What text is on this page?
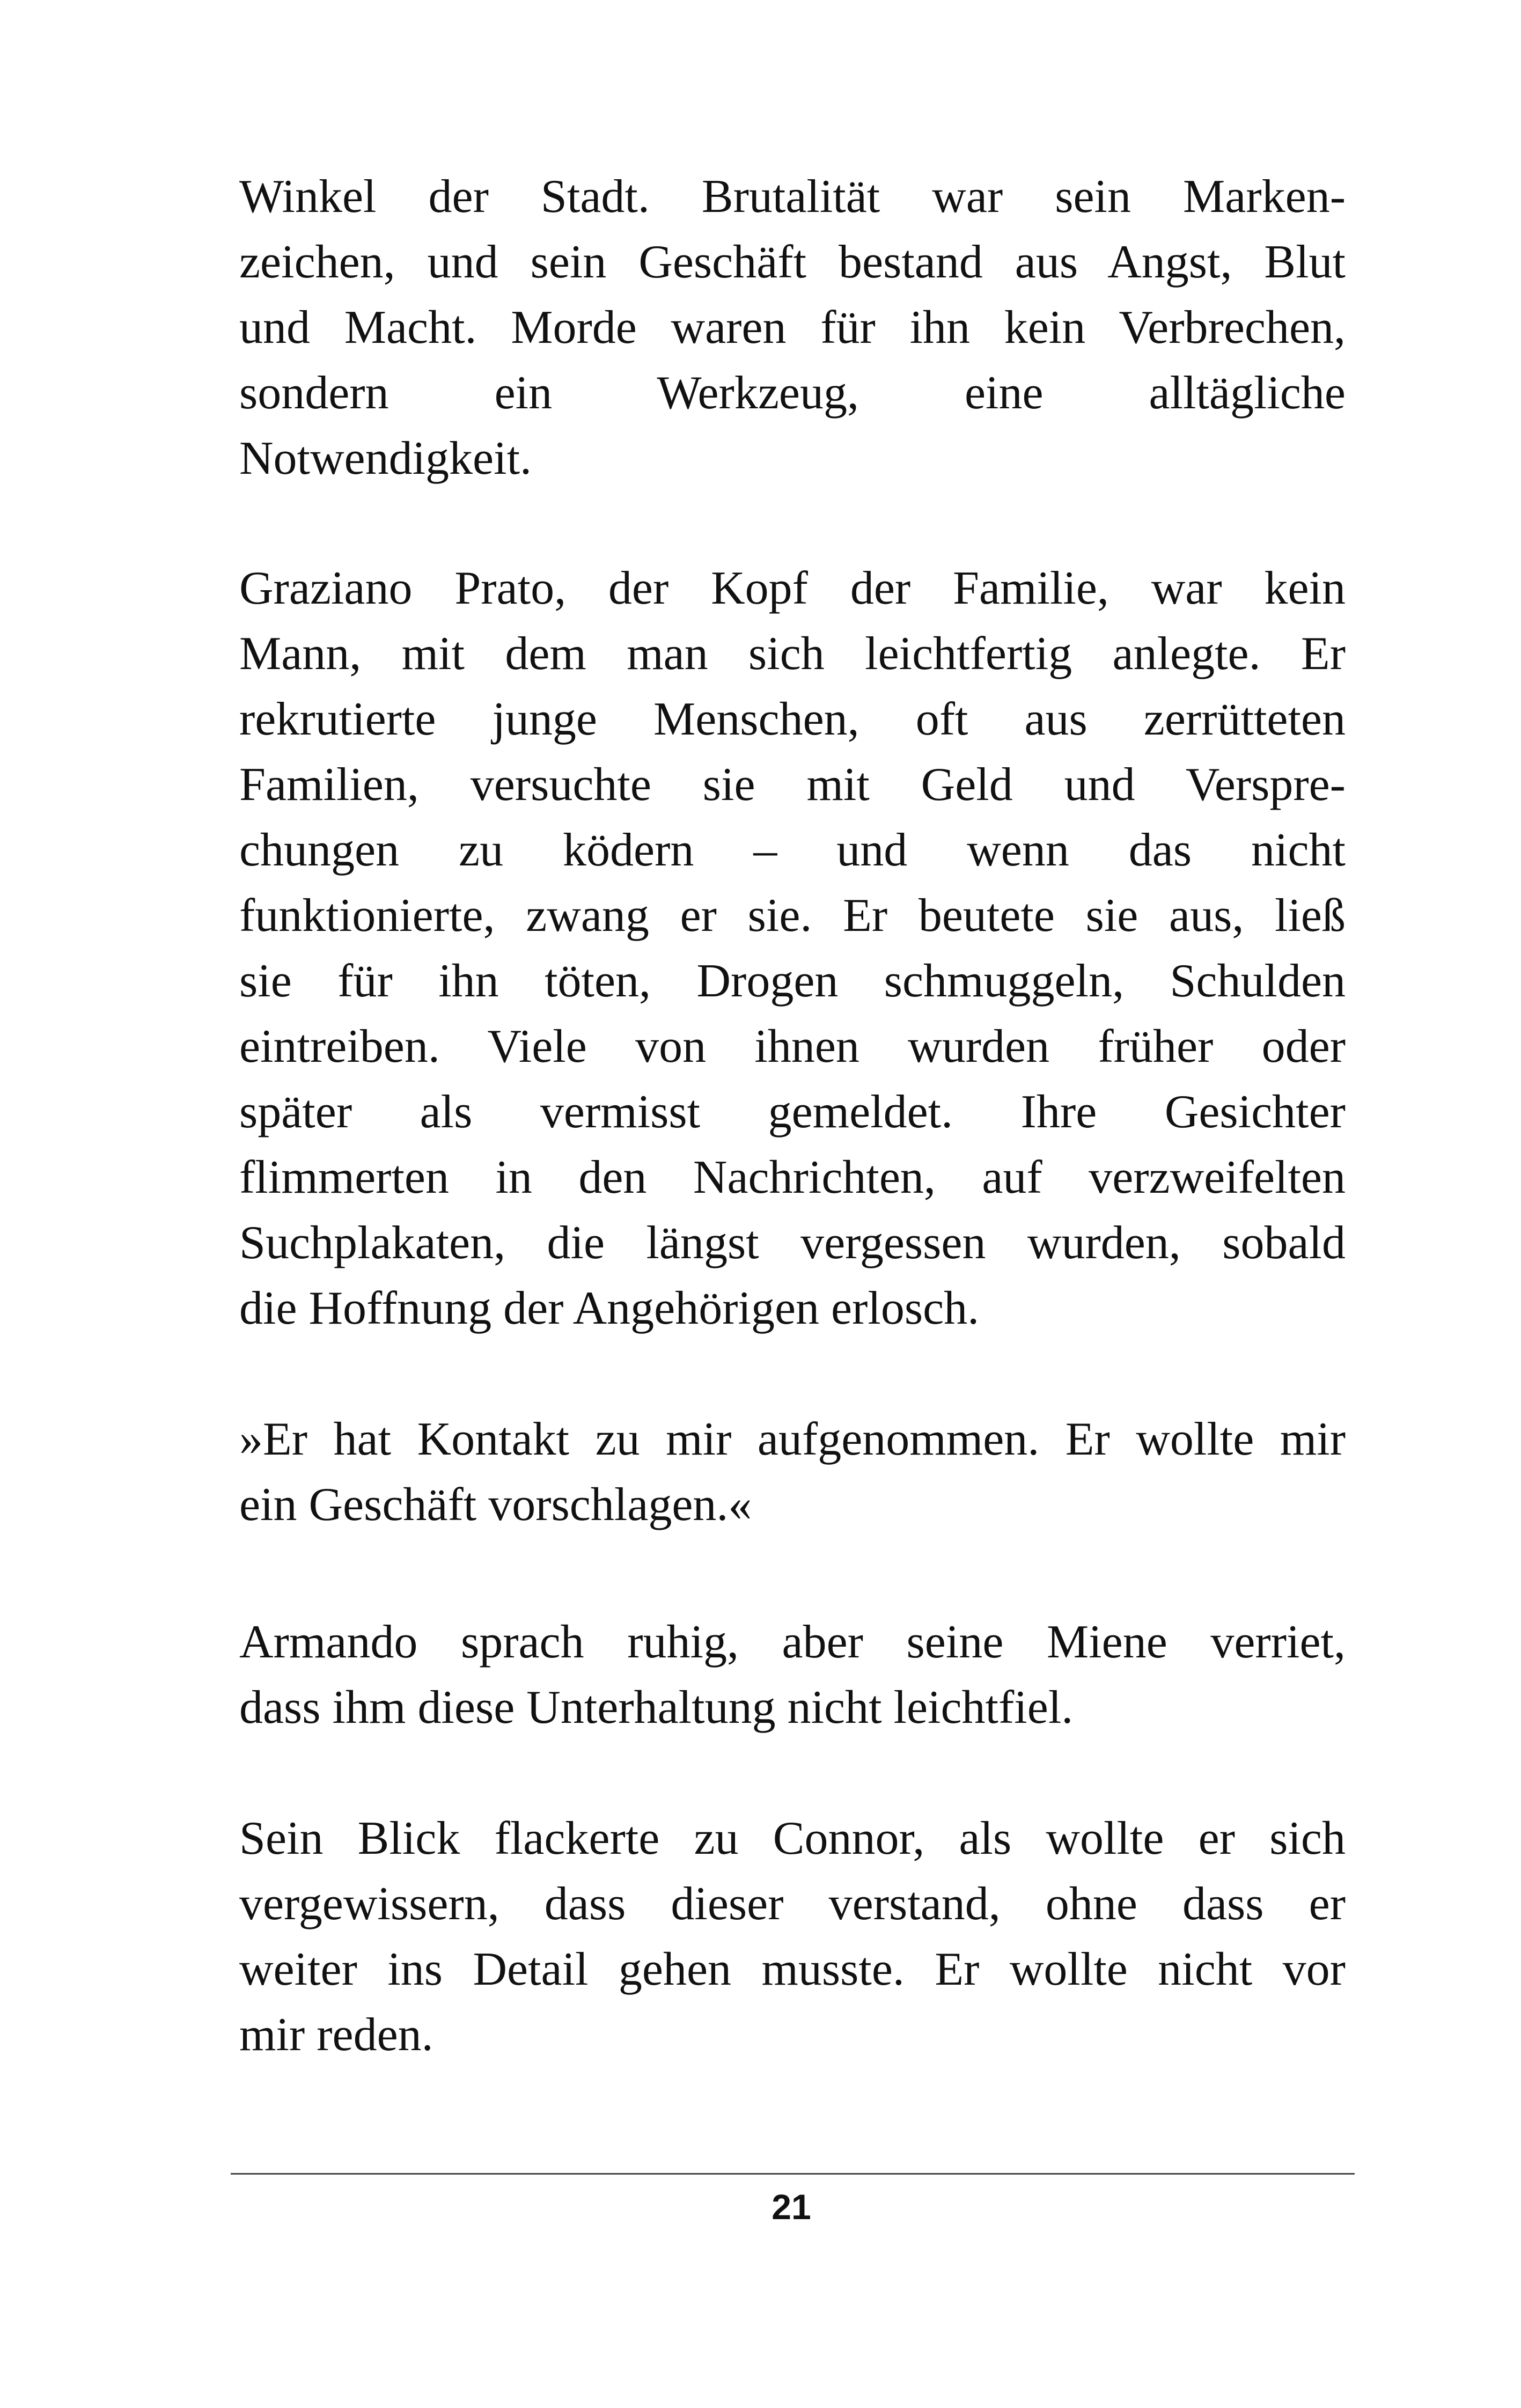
Winkel der Stadt. Brutalität war sein Marken-
zeichen, und sein Geschäft bestand aus Angst, Blut
und Macht. Morde waren für ihn kein Verbrechen,
sondern ein Werkzeug, eine alltägliche
Notwendigkeit.
Graziano Prato, der Kopf der Familie, war kein
Mann, mit dem man sich leichtfertig anlegte. Er
rekrutierte junge Menschen, oft aus zerrütteten
Familien, versuchte sie mit Geld und Verspre-
chungen zu ködern – und wenn das nicht
funktionierte, zwang er sie. Er beutete sie aus, ließ
sie für ihn töten, Drogen schmuggeln, Schulden
eintreiben. Viele von ihnen wurden früher oder
später als vermisst gemeldet. Ihre Gesichter
flimmerten in den Nachrichten, auf verzweifelten
Suchplakaten, die längst vergessen wurden, sobald
die Hoffnung der Angehörigen erlosch.
»Er hat Kontakt zu mir aufgenommen. Er wollte mir
ein Geschäft vorschlagen.«
Armando sprach ruhig, aber seine Miene verriet,
dass ihm diese Unterhaltung nicht leichtfiel.
Sein Blick flackerte zu Connor, als wollte er sich
vergewissern, dass dieser verstand, ohne dass er
weiter ins Detail gehen musste. Er wollte nicht vor
mir reden.
21
